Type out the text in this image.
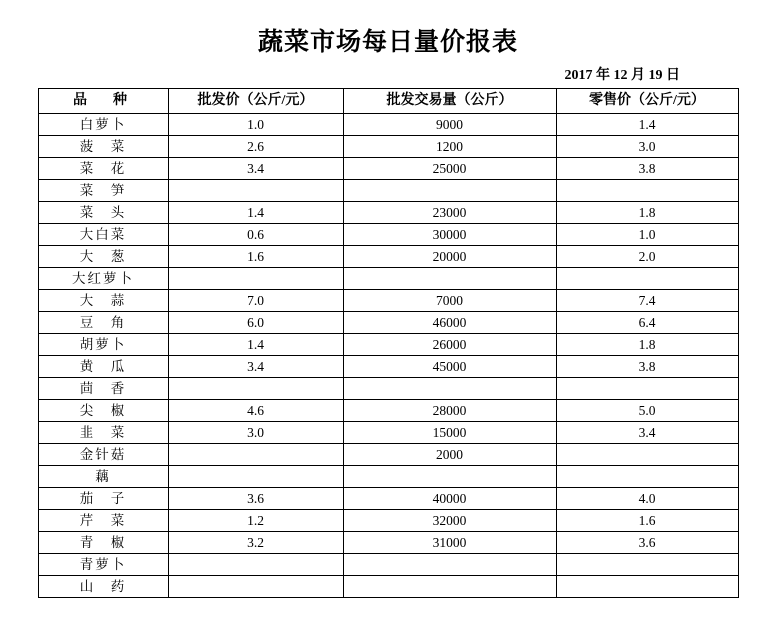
蔬菜市场每日量价报表
2017 年 12 月 19 日
品　种	批发价（公斤/元）	批发交易量（公斤）	零售价（公斤/元）
白萝卜	1.0	9000	1.4
菠　菜	2.6	1200	3.0
菜　花	3.4	25000	3.8
菜　笋			
菜　头	1.4	23000	1.8
大白菜	0.6	30000	1.0
大　葱	1.6	20000	2.0
大红萝卜			
大　蒜	7.0	7000	7.4
豆　角	6.0	46000	6.4
胡萝卜	1.4	26000	1.8
黄　瓜	3.4	45000	3.8
茴　香			
尖　椒	4.6	28000	5.0
韭　菜	3.0	15000	3.4
金针菇		2000	
藕			
茄　子	3.6	40000	4.0
芹　菜	1.2	32000	1.6
青　椒	3.2	31000	3.6
青萝卜			
山　药			
